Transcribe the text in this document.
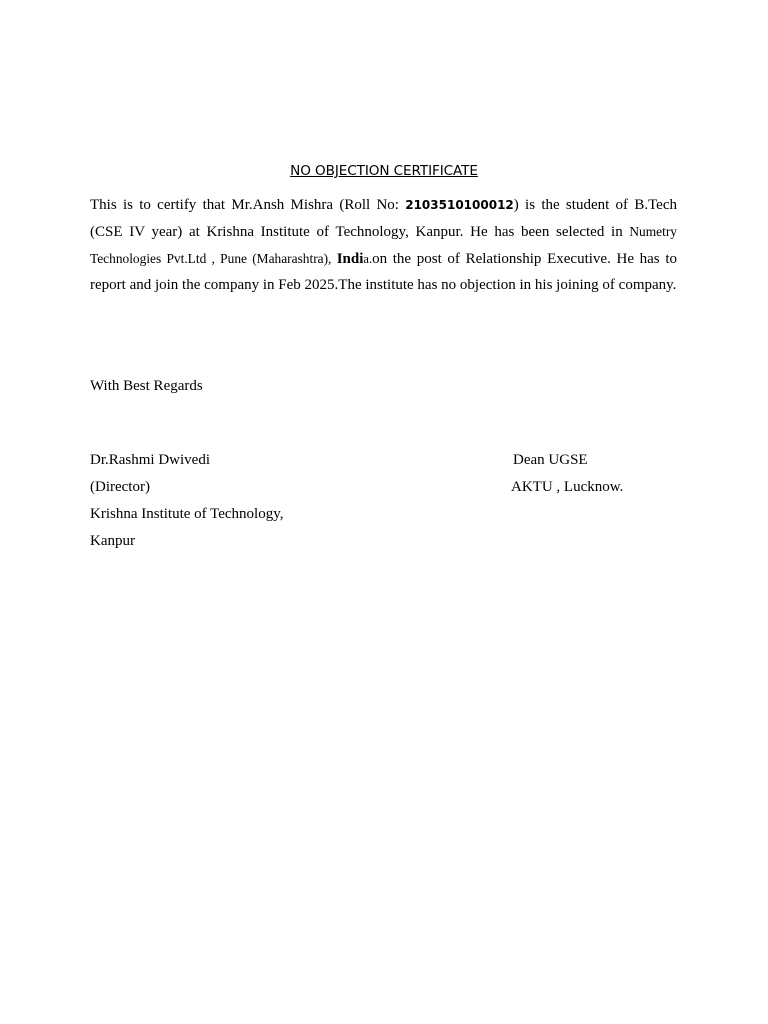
NO OBJECTION CERTIFICATE
This is to certify that Mr.Ansh Mishra (Roll No: 2103510100012) is the student of B.Tech (CSE IV year) at Krishna Institute of Technology, Kanpur. He has been selected in Numetry Technologies Pvt.Ltd , Pune (Maharashtra), India.on the post of Relationship Executive. He has to report and join the company in Feb 2025.The institute has no objection in his joining of company.
With Best Regards
Dr.Rashmi Dwivedi
(Director)
Krishna Institute of Technology,
Kanpur
Dean UGSE
AKTU , Lucknow.
